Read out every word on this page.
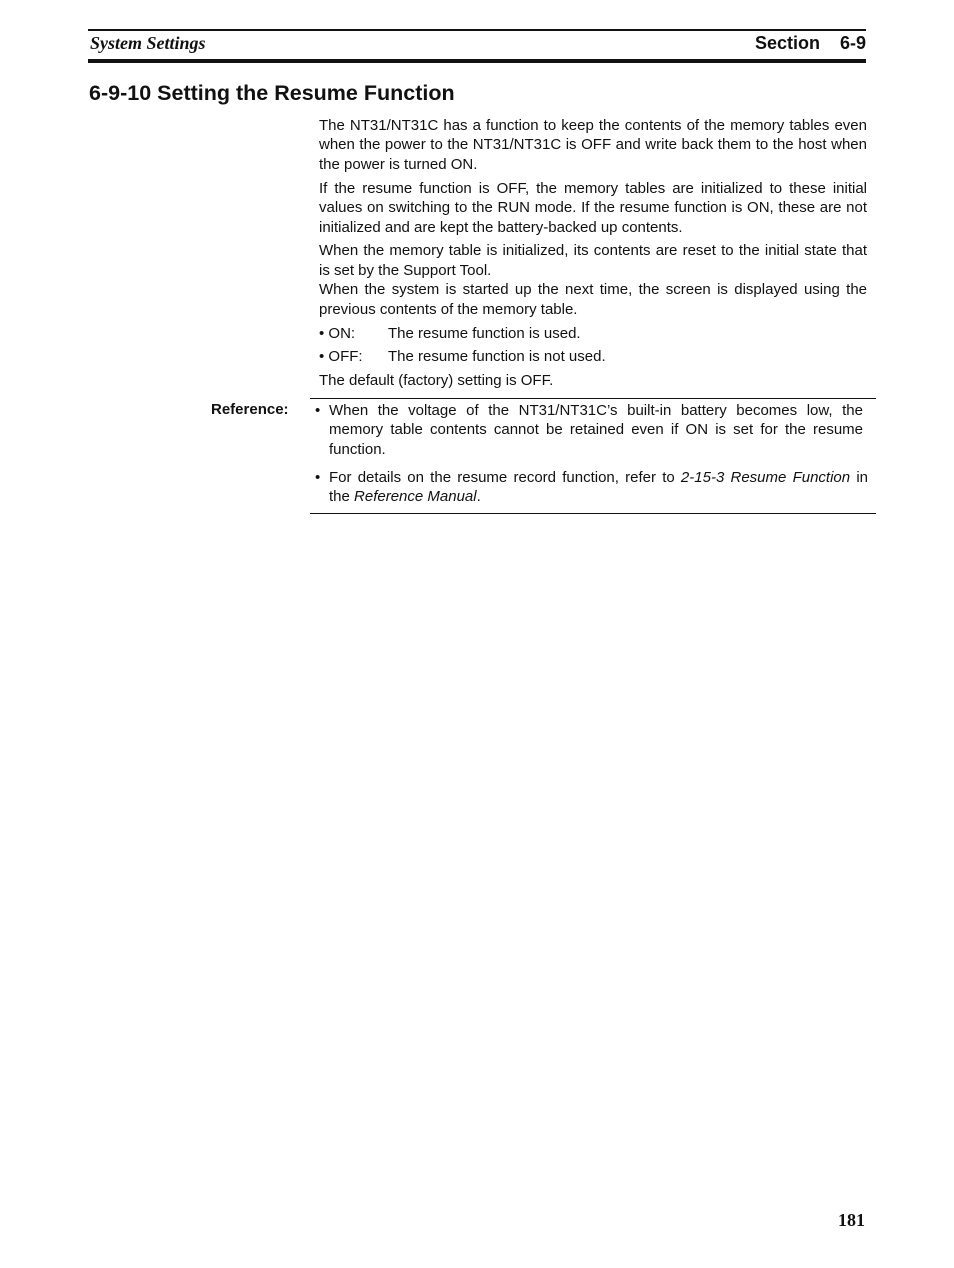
System Settings	Section 6-9
6-9-10 Setting the Resume Function

The NT31/NT31C has a function to keep the contents of the memory tables even when the power to the NT31/NT31C is OFF and write back them to the host when the power is turned ON.

If the resume function is OFF, the memory tables are initialized to these initial values on switching to the RUN mode. If the resume function is ON, these are not initialized and are kept the battery-backed up contents.

When the memory table is initialized, its contents are reset to the initial state that is set by the Support Tool.

When the system is started up the next time, the screen is displayed using the previous contents of the memory table.

• ON:	The resume function is used.
• OFF:	The resume function is not used.

The default (factory) setting is OFF.

Reference: • When the voltage of the NT31/NT31C’s built-in battery becomes low, the memory table contents cannot be retained even if ON is set for the resume function.
• For details on the resume record function, refer to 2-15-3 Resume Function in the Reference Manual.
181
